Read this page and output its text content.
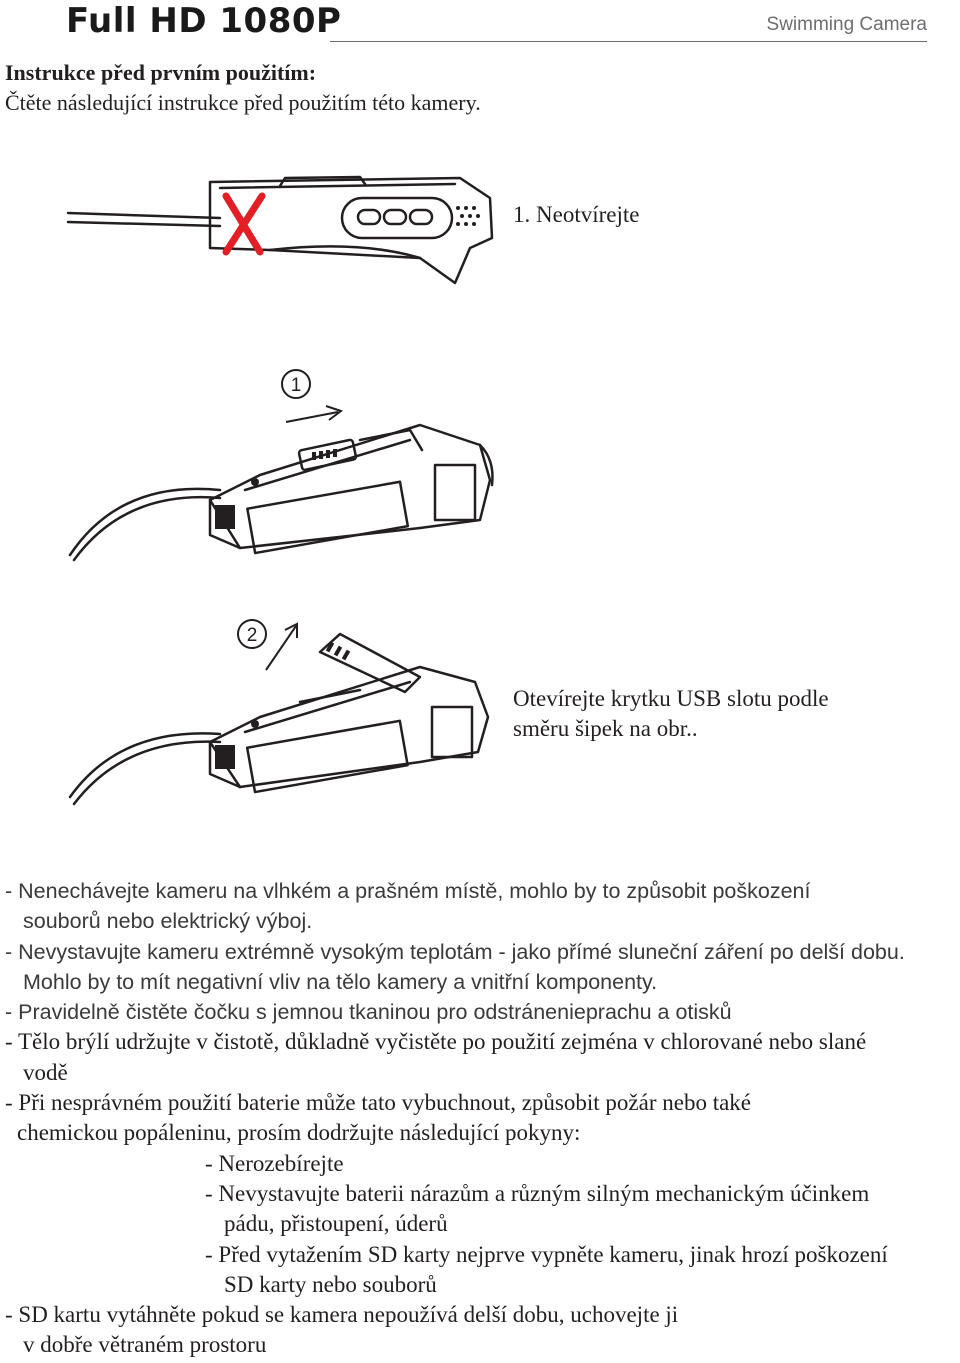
Full HD 1080P	Swimming Camera
Instrukce před prvním použitím:
Čtěte následující instrukce před použitím této kamery.
1. Neotvírejte
1
2
Otevírejte krytku USB slotu podle
směru šipek na obr..
- Nenechávejte kameru na vlhkém a prašném místě, mohlo by to způsobit poškození
souborů nebo elektrický výboj.
- Nevystavujte kameru extrémně vysokým teplotám - jako přímé sluneční záření po delší dobu.
Mohlo by to mít negativní vliv na tělo kamery a vnitřní komponenty.
- Pravidelně čistěte čočku s jemnou tkaninou pro odstráneniеprachu a otisků
- Tělo brýlí udržujte v čistotě, důkladně vyčistěte po použití zejména v chlorované nebo slané
vodě
- Při nesprávném použití baterie může tato vybuchnout, způsobit požár nebo také
chemickou popáleninu, prosím dodržujte následující pokyny:
- Nerozebírejte
- Nevystavujte baterii nárazům a různým silným mechanickým účinkem
pádu, přistoupení, úderů
- Před vytažením SD karty nejprve vypněte kameru, jinak hrozí poškození
SD karty nebo souborů
- SD kartu vytáhněte pokud se kamera nepoužívá delší dobu, uchovejte ji
v dobře větraném prostoru
